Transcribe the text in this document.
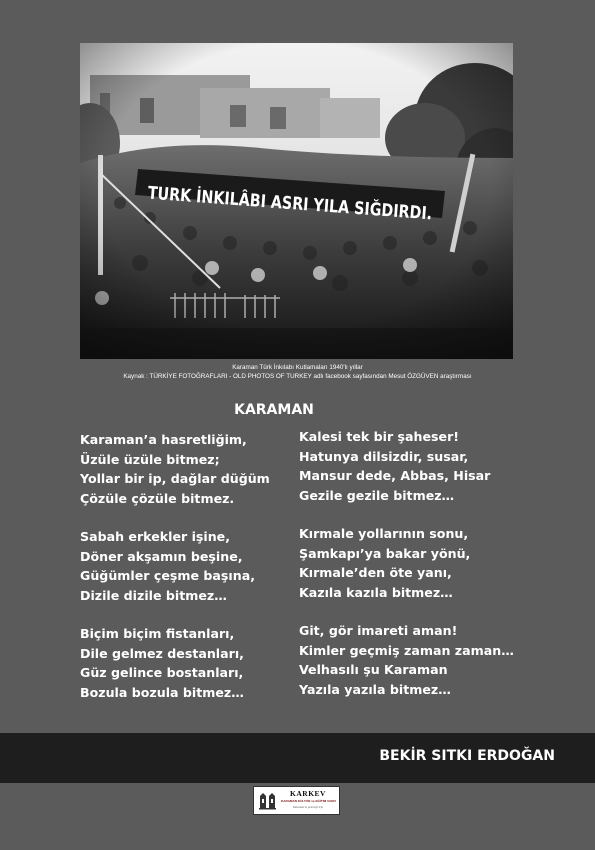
Karaman Türk İnkılabı Kutlamaları 1940'lı yıllar
Kaynak : TÜRKİYE FOTOĞRAFLARI - OLD PHOTOS OF TURKEY adlı facebook sayfasından Mesut ÖZGÜVEN araştırması
KARAMAN
Karaman’a hasretliğim,
Üzüle üzüle bitmez;
Yollar bir ip, dağlar düğüm
Çözüle çözüle bitmez.
Sabah erkekler işine,
Döner akşamın beşine,
Güğümler çeşme başına,
Dizile dizile bitmez…
Biçim biçim fistanları,
Dile gelmez destanları,
Güz gelince bostanları,
Bozula bozula bitmez…
Kalesi tek bir şaheser!
Hatunya dilsizdir, susar,
Mansur dede, Abbas, Hisar
Gezile gezile bitmez…
Kırmale yollarının sonu,
Şamkapı’ya bakar yönü,
Kırmale’den öte yanı,
Kazıla kazıla bitmez…
Git, gör imareti aman!
Kimler geçmiş zaman zaman…
Velhasılı şu Karaman
Yazıla yazıla bitmez…
BEKİR SITKI ERDOĞAN
KARKEV
KARAMAN KÜLTÜR ve EĞİTİM VAKFI
Karaman'ın geleceği için
